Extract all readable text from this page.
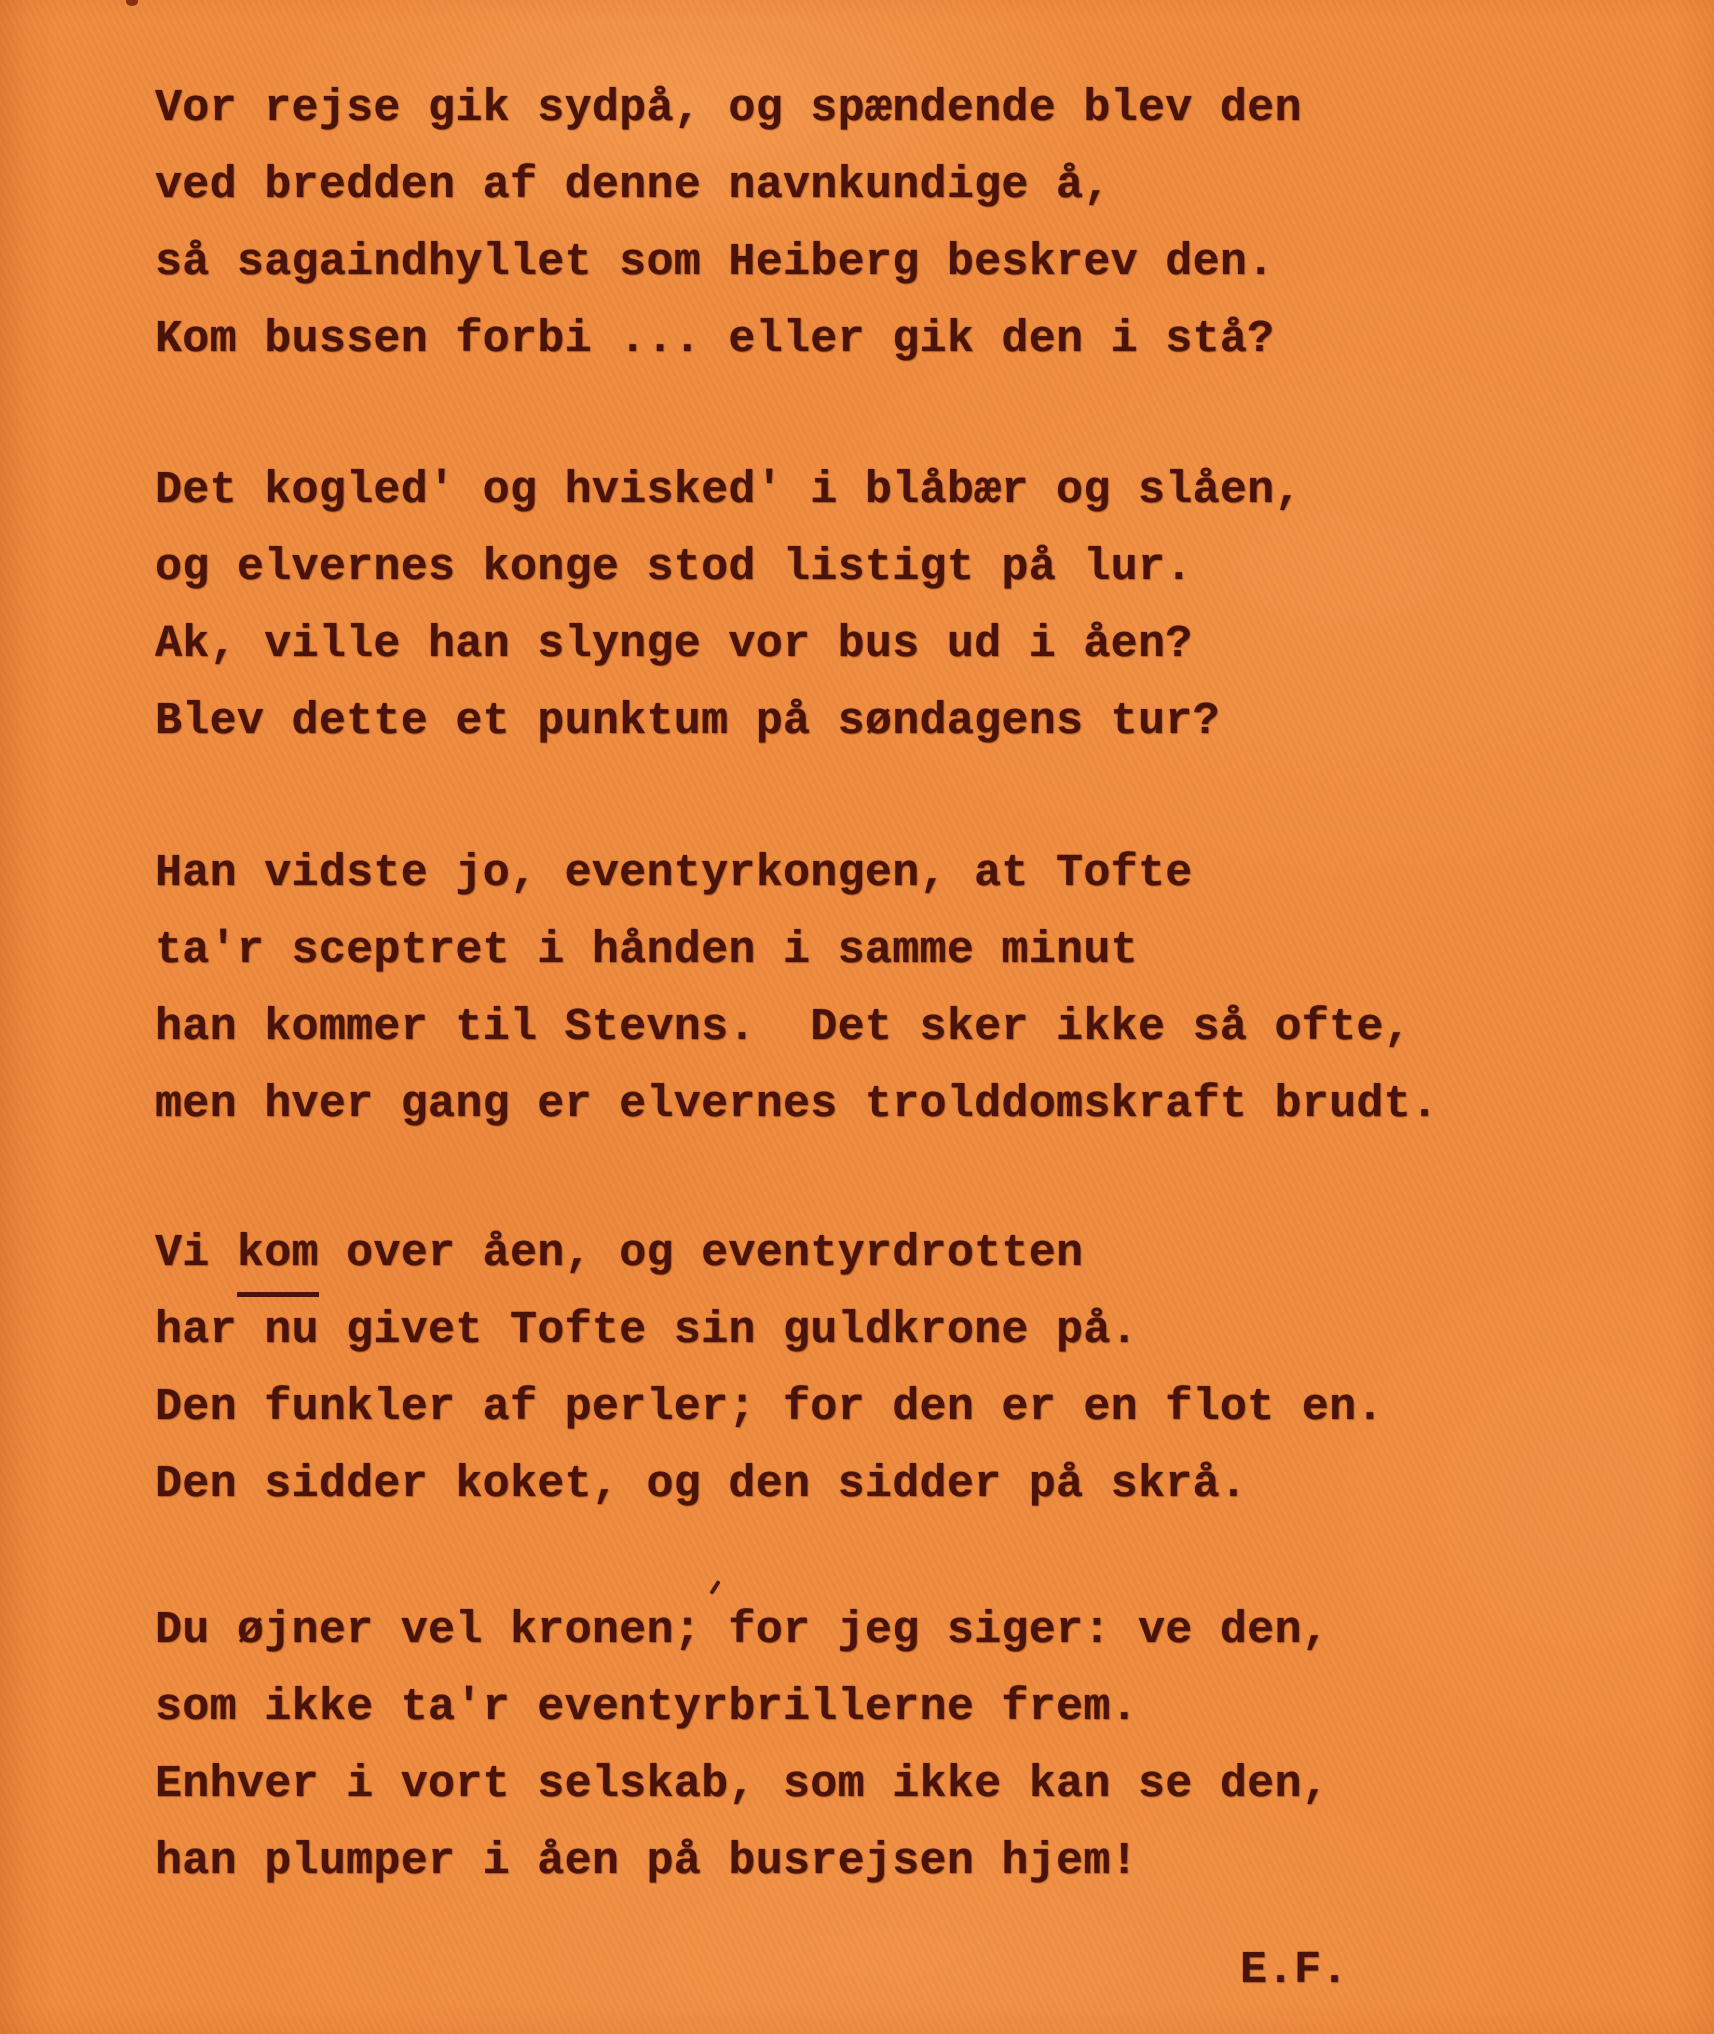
Vor rejse gik sydpå, og spændende blev den
ved bredden af denne navnkundige å,
så sagaindhyllet som Heiberg beskrev den.
Kom bussen forbi ... eller gik den i stå?
Det kogled' og hvisked' i blåbær og slåen,
og elvernes konge stod listigt på lur.
Ak, ville han slynge vor bus ud i åen?
Blev dette et punktum på søndagens tur?
Han vidste jo, eventyrkongen, at Tofte
ta'r sceptret i hånden i samme minut
han kommer til Stevns.  Det sker ikke så ofte,
men hver gang er elvernes trolddomskraft brudt.
Vi kom over åen, og eventyrdrotten
har nu givet Tofte sin guldkrone på.
Den funkler af perler; for den er en flot en.
Den sidder koket, og den sidder på skrå.
Du øjner vel kronen; for jeg siger: ve den,
som ikke ta'r eventyrbrillerne frem.
Enhver i vort selskab, som ikke kan se den,
han plumper i åen på busrejsen hjem!
E.F.
